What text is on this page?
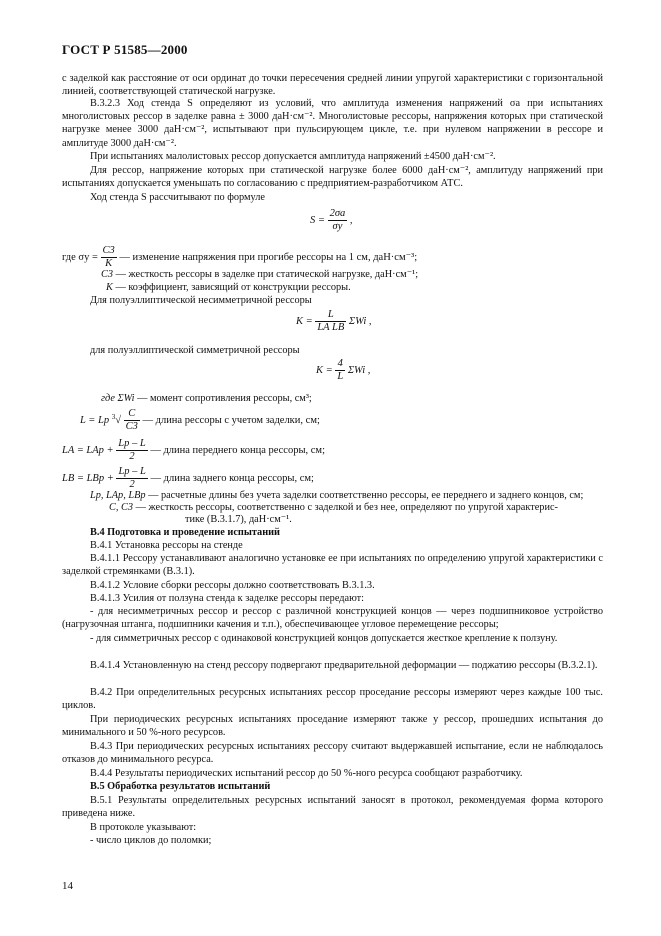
ГОСТ Р 51585—2000
с заделкой как расстояние от оси ординат до точки пересечения средней линии упругой характеристики с горизонтальной линией, соответствующей статической нагрузке.
В.3.2.3 Ход стенда S определяют из условий, что амплитуда изменения напряжений σa при испытаниях многолистовых рессор в заделке равна ± 3000 даН·см⁻². Многолистовые рессоры, напряжения которых при статической нагрузке менее 3000 даН·см⁻², испытывают при пульсирующем цикле, т.е. при нулевом напряжении в рессоре и амплитуде 3000 даН·см⁻².
При испытаниях малолистовых рессор допускается амплитуда напряжений ±4500 даН·см⁻².
Для рессор, напряжение которых при статической нагрузке более 6000 даН·см⁻², амплитуду напряжений при испытаниях допускается уменьшать по согласованию с предприятием-разработчиком АТС.
Ход стенда S рассчитывают по формуле
$S = \frac{2\sigma a}{\sigma у}$ ,
где $\sigma у = \frac{C3}{K}$ — изменение напряжения при прогибе рессоры на 1 см, даН·см⁻³;
C3 — жесткость рессоры в заделке при статической нагрузке, даН·см⁻¹;
K — коэффициент, зависящий от конструкции рессоры.
Для полуэллиптической несимметричной рессоры
$K = \frac{L}{\text{LA LB}}$ ΣWi ,
для полуэллиптической симметричной рессоры
$K = \frac{4}{L}$ ΣWi ,
где ΣWi — момент сопротивления рессоры, см³;
L = Lp $^3√ \frac{C}{C3}$ — длина рессоры с учетом заделки, см;
LA = LAp + $\frac{Lp - L}{2}$ — длина переднего конца рессоры, см;
LB = LBp + $\frac{Lp - L}{2}$ — длина заднего конца рессоры, см;
Lp, LAp, LBp — расчетные длины без учета заделки соответственно рессоры, ее переднего и заднего концов, см;
C, C3 — жесткость рессоры, соответственно с заделкой и без нее, определяют по упругой характерис-
тике (В.3.1.7), даН·см⁻¹.
В.4 Подготовка и проведение испытаний
В.4.1 Установка рессоры на стенде
В.4.1.1 Рессору устанавливают аналогично установке ее при испытаниях по определению упругой характеристики с заделкой стремянками (В.3.1).
В.4.1.2 Условие сборки рессоры должно соответствовать В.3.1.3.
В.4.1.3 Усилия от ползуна стенда к заделке рессоры передают:
- для несимметричных рессор и рессор с различной конструкцией концов — через подшипниковое устройство (нагрузочная штанга, подшипники качения и т.п.), обеспечивающее угловое перемещение рессоры;
- для симметричных рессор с одинаковой конструкцией концов допускается жесткое крепление к ползуну.
В.4.1.4 Установленную на стенд рессору подвергают предварительной деформации — поджатию рессоры (В.3.2.1).
В.4.2 При определительных ресурсных испытаниях рессор проседание рессоры измеряют через каждые 100 тыс. циклов.
При периодических ресурсных испытаниях проседание измеряют также у рессор, прошедших испытания до минимального и 50 %-ного ресурсов.
В.4.3 При периодических ресурсных испытаниях рессору считают выдержавшей испытание, если не наблюдалось отказов до минимального ресурса.
В.4.4 Результаты периодических испытаний рессор до 50 %-ного ресурса сообщают разработчику.
В.5 Обработка результатов испытаний
В.5.1 Результаты определительных ресурсных испытаний заносят в протокол, рекомендуемая форма которого приведена ниже.
В протоколе указывают:
- число циклов до поломки;
14
